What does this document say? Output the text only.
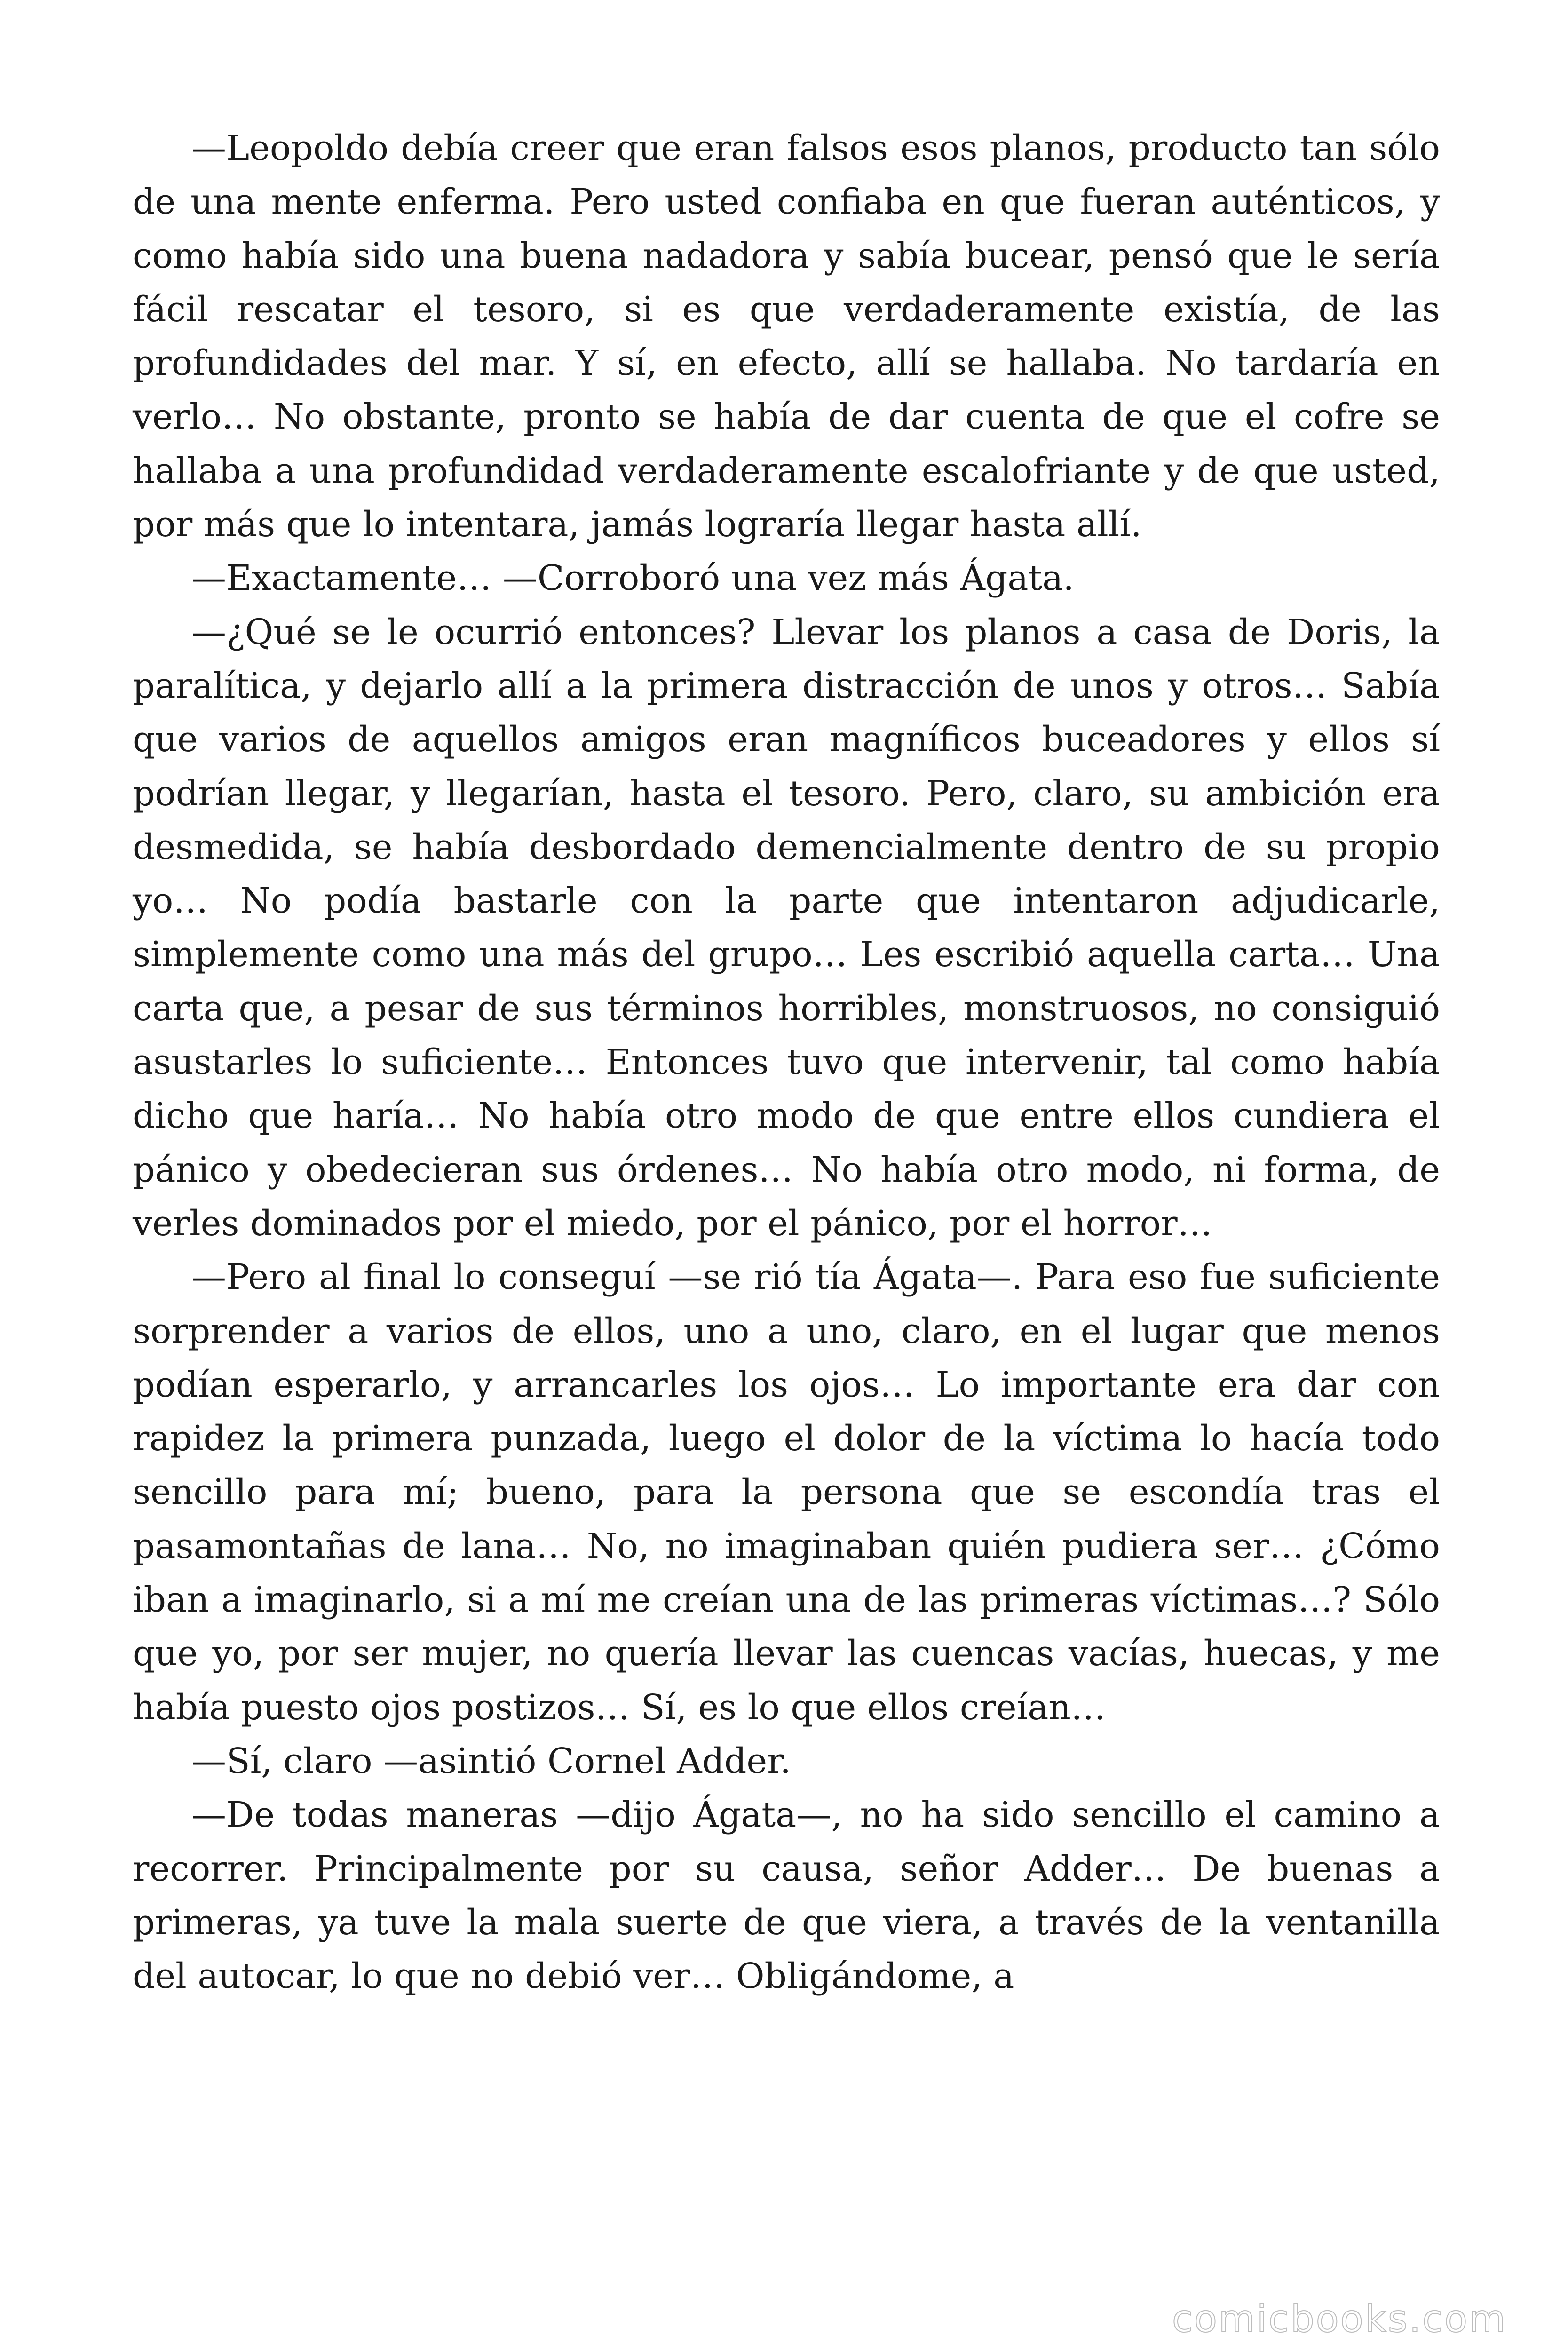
—Leopoldo debía creer que eran falsos esos planos, producto tan sólo de una mente enferma. Pero usted confiaba en que fueran auténticos, y como había sido una buena nadadora y sabía bucear, pensó que le sería fácil rescatar el tesoro, si es que verdaderamente existía, de las profundidades del mar. Y sí, en efecto, allí se hallaba. No tardaría en verlo… No obstante, pronto se había de dar cuenta de que el cofre se hallaba a una profundidad verdaderamente escalofriante y de que usted, por más que lo intentara, jamás lograría llegar hasta allí.

—Exactamente… —Corroboró una vez más Ágata.

—¿Qué se le ocurrió entonces? Llevar los planos a casa de Doris, la paralítica, y dejarlo allí a la primera distracción de unos y otros… Sabía que varios de aquellos amigos eran magníficos buceadores y ellos sí podrían llegar, y llegarían, hasta el tesoro. Pero, claro, su ambición era desmedida, se había desbordado demencialmente dentro de su propio yo… No podía bastarle con la parte que intentaron adjudicarle, simplemente como una más del grupo… Les escribió aquella carta… Una carta que, a pesar de sus términos horribles, monstruosos, no consiguió asustarles lo suficiente… Entonces tuvo que intervenir, tal como había dicho que haría… No había otro modo de que entre ellos cundiera el pánico y obedecieran sus órdenes… No había otro modo, ni forma, de verles dominados por el miedo, por el pánico, por el horror…

—Pero al final lo conseguí —se rió tía Ágata—. Para eso fue suficiente sorprender a varios de ellos, uno a uno, claro, en el lugar que menos podían esperarlo, y arrancarles los ojos… Lo importante era dar con rapidez la primera punzada, luego el dolor de la víctima lo hacía todo sencillo para mí; bueno, para la persona que se escondía tras el pasamontañas de lana… No, no imaginaban quién pudiera ser… ¿Cómo iban a imaginarlo, si a mí me creían una de las primeras víctimas…? Sólo que yo, por ser mujer, no quería llevar las cuencas vacías, huecas, y me había puesto ojos postizos… Sí, es lo que ellos creían…

—Sí, claro —asintió Cornel Adder.

—De todas maneras —dijo Ágata—, no ha sido sencillo el camino a recorrer. Principalmente por su causa, señor Adder… De buenas a primeras, ya tuve la mala suerte de que viera, a través de la ventanilla del autocar, lo que no debió ver… Obligándome, a

comicbooks.com
